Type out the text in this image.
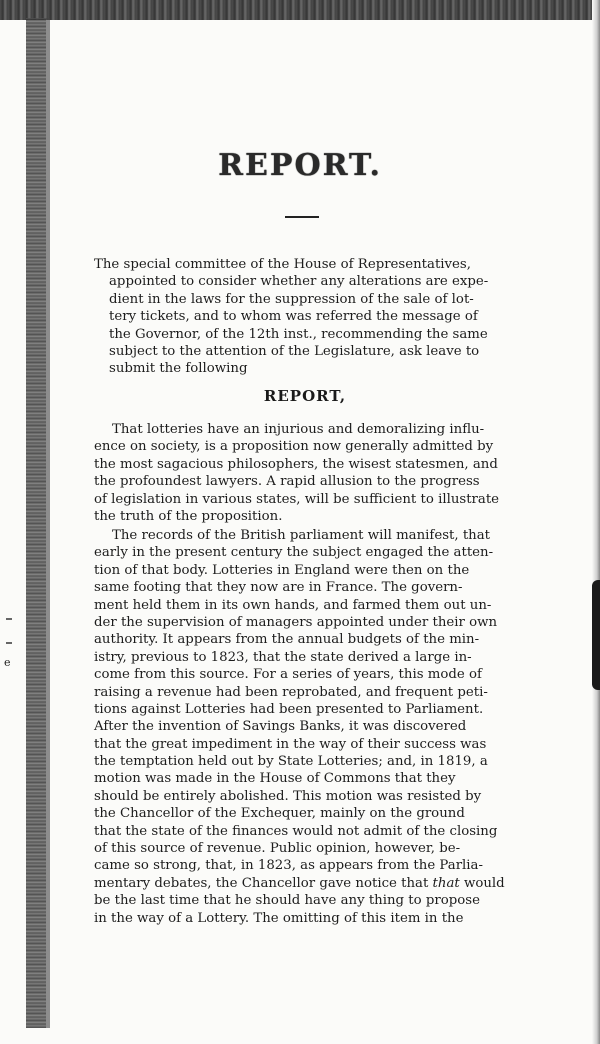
e
REPORT.
The special committee of the House of Representatives,
appointed to consider whether any alterations are expe-
dient in the laws for the suppression of the sale of lot-
tery tickets, and to whom was referred the message of
the Governor, of the 12th inst., recommending the same
subject to the attention of the Legislature, ask leave to
submit the following
REPORT,
That lotteries have an injurious and demoralizing influ-
ence on society, is a proposition now generally admitted by
the most sagacious philosophers, the wisest statesmen, and
the profoundest lawyers. A rapid allusion to the progress
of legislation in various states, will be sufficient to illustrate
the truth of the proposition.
The records of the British parliament will manifest, that
early in the present century the subject engaged the atten-
tion of that body. Lotteries in England were then on the
same footing that they now are in France. The govern-
ment held them in its own hands, and farmed them out un-
der the supervision of managers appointed under their own
authority. It appears from the annual budgets of the min-
istry, previous to 1823, that the state derived a large in-
come from this source. For a series of years, this mode of
raising a revenue had been reprobated, and frequent peti-
tions against Lotteries had been presented to Parliament.
After the invention of Savings Banks, it was discovered
that the great impediment in the way of their success was
the temptation held out by State Lotteries; and, in 1819, a
motion was made in the House of Commons that they
should be entirely abolished. This motion was resisted by
the Chancellor of the Exchequer, mainly on the ground
that the state of the finances would not admit of the closing
of this source of revenue. Public opinion, however, be-
came so strong, that, in 1823, as appears from the Parlia-
mentary debates, the Chancellor gave notice that that would
be the last time that he should have any thing to propose
in the way of a Lottery. The omitting of this item in the
